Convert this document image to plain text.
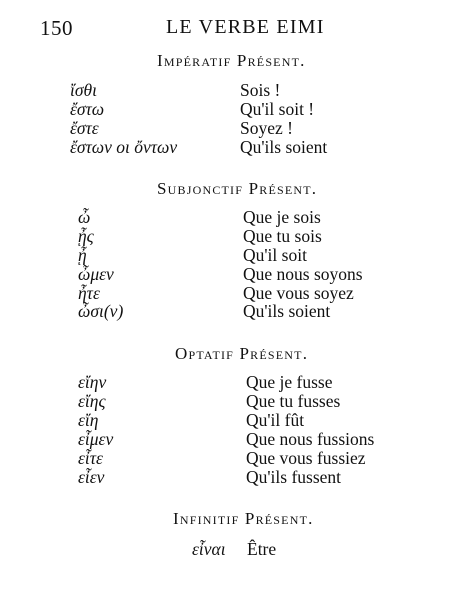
150	LE VERBE EIMI
Impératif Présent.
ἴσθι	Sois !
ἔστω	Qu'il soit !
ἔστε	Soyez !
ἔστων οι ὄντων	Qu'ils soient
Subjonctif Présent.
ὦ	Que je sois
ᾖς	Que tu sois
ᾖ	Qu'il soit
ὦμεν	Que nous soyons
ἦτε	Que vous soyez
ὦσι(ν)	Qu'ils soient
Optatif Présent.
εἴην	Que je fusse
εἴης	Que tu fusses
εἴη	Qu'il fût
εἶμεν	Que nous fussions
εἶτε	Que vous fussiez
εἶεν	Qu'ils fussent
Infinitif Présent.
εἶναι Être
